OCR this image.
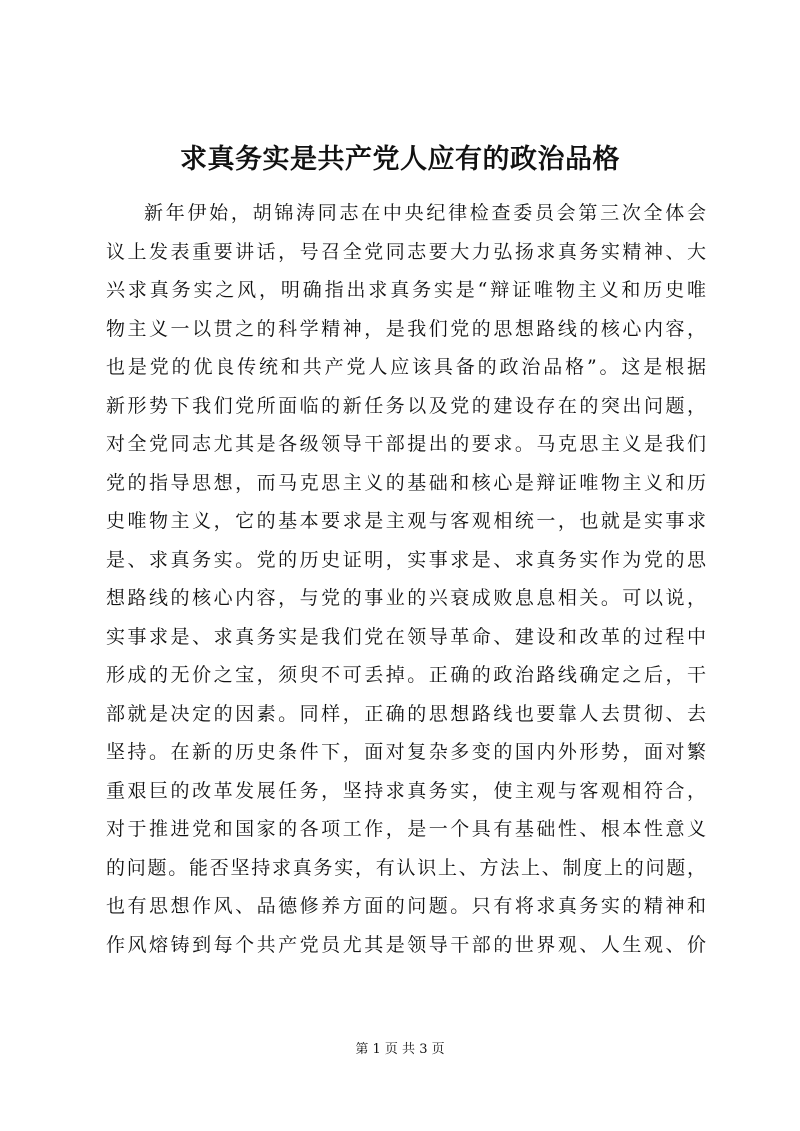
求真务实是共产党人应有的政治品格
新年伊始，胡锦涛同志在中央纪律检查委员会第三次全体会
议上发表重要讲话，号召全党同志要大力弘扬求真务实精神、大
兴求真务实之风，明确指出求真务实是“辩证唯物主义和历史唯
物主义一以贯之的科学精神，是我们党的思想路线的核心内容，
也是党的优良传统和共产党人应该具备的政治品格”。这是根据
新形势下我们党所面临的新任务以及党的建设存在的突出问题，
对全党同志尤其是各级领导干部提出的要求。马克思主义是我们
党的指导思想，而马克思主义的基础和核心是辩证唯物主义和历
史唯物主义，它的基本要求是主观与客观相统一，也就是实事求
是、求真务实。党的历史证明，实事求是、求真务实作为党的思
想路线的核心内容，与党的事业的兴衰成败息息相关。可以说，
实事求是、求真务实是我们党在领导革命、建设和改革的过程中
形成的无价之宝，须臾不可丢掉。正确的政治路线确定之后，干
部就是决定的因素。同样，正确的思想路线也要靠人去贯彻、去
坚持。在新的历史条件下，面对复杂多变的国内外形势，面对繁
重艰巨的改革发展任务，坚持求真务实，使主观与客观相符合，
对于推进党和国家的各项工作，是一个具有基础性、根本性意义
的问题。能否坚持求真务实，有认识上、方法上、制度上的问题，
也有思想作风、品德修养方面的问题。只有将求真务实的精神和
作风熔铸到每个共产党员尤其是领导干部的世界观、人生观、价
第 1 页 共 3 页
